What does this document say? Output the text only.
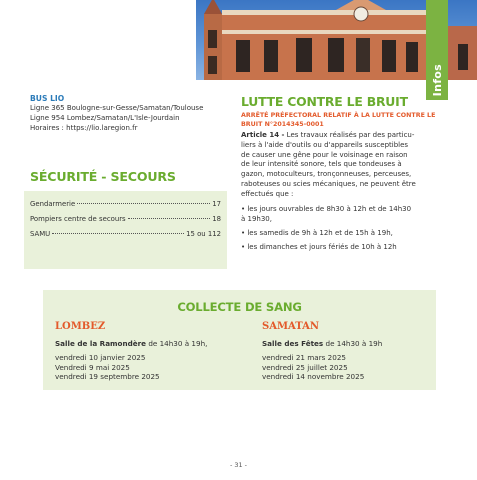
Infos
BUS LIO
Ligne 365 Boulogne-sur-Gesse/Samatan/Toulouse
Ligne 954 Lombez/Samatan/L'Isle-Jourdain
Horaires : https://lio.laregion.fr
SÉCURITÉ - SECOURS
Gendarmerie	17
Pompiers centre de secours	18
SAMU	15 ou 112
LUTTE CONTRE LE BRUIT
ARRÊTÉ PRÉFECTORAL RELATIF À LA LUTTE CONTRE LE
BRUIT N°2014345-0001
Article 14 - Les travaux réalisés par des particu-
liers à l'aide d'outils ou d'appareils susceptibles
de causer une gêne pour le voisinage en raison
de leur intensité sonore, tels que tondeuses à
gazon, motoculteurs, tronçonneuses, perceuses,
raboteuses ou scies mécaniques, ne peuvent être
effectués que :
• les jours ouvrables de 8h30 à 12h et de 14h30
à 19h30,
• les samedis de 9h à 12h et de 15h à 19h,
• les dimanches et jours fériés de 10h à 12h
COLLECTE DE SANG
LOMBEZ
Salle de la Ramondère de 14h30 à 19h,
vendredi 10 janvier 2025
Vendredi 9 mai 2025
vendredi 19 septembre 2025
SAMATAN
Salle des Fêtes de 14h30 à 19h
vendredi 21 mars 2025
vendredi 25 juillet 2025
vendredi 14 novembre 2025
- 31 -
